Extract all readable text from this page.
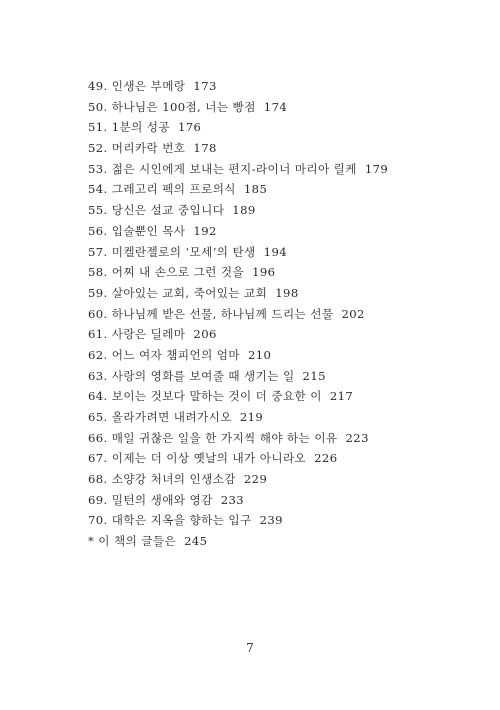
49. 인생은 부메랑 173
50. 하나님은 100점, 너는 빵점 174
51. 1분의 성공 176
52. 머리카락 번호 178
53. 젊은 시인에게 보내는 편지-라이너 마리아 릴케 179
54. 그레고리 펙의 프로의식 185
55. 당신은 설교 중입니다 189
56. 입술뿐인 목사 192
57. 미켈란젤로의 ‘모세’의 탄생 194
58. 어찌 내 손으로 그런 것을 196
59. 살아있는 교회, 죽어있는 교회 198
60. 하나님께 받은 선물, 하나님께 드리는 선물 202
61. 사랑은 딜레마 206
62. 어느 여자 챔피언의 엄마 210
63. 사랑의 영화를 보여줄 때 생기는 일 215
64. 보이는 것보다 말하는 것이 더 중요한 이 217
65. 올라가려면 내려가시오 219
66. 매일 귀찮은 일을 한 가지씩 해야 하는 이유 223
67. 이제는 더 이상 옛날의 내가 아니라오 226
68. 소양강 처녀의 인생소감 229
69. 밀턴의 생애와 영감 233
70. 대학은 지옥을 향하는 입구 239
* 이 책의 글들은 245
7
